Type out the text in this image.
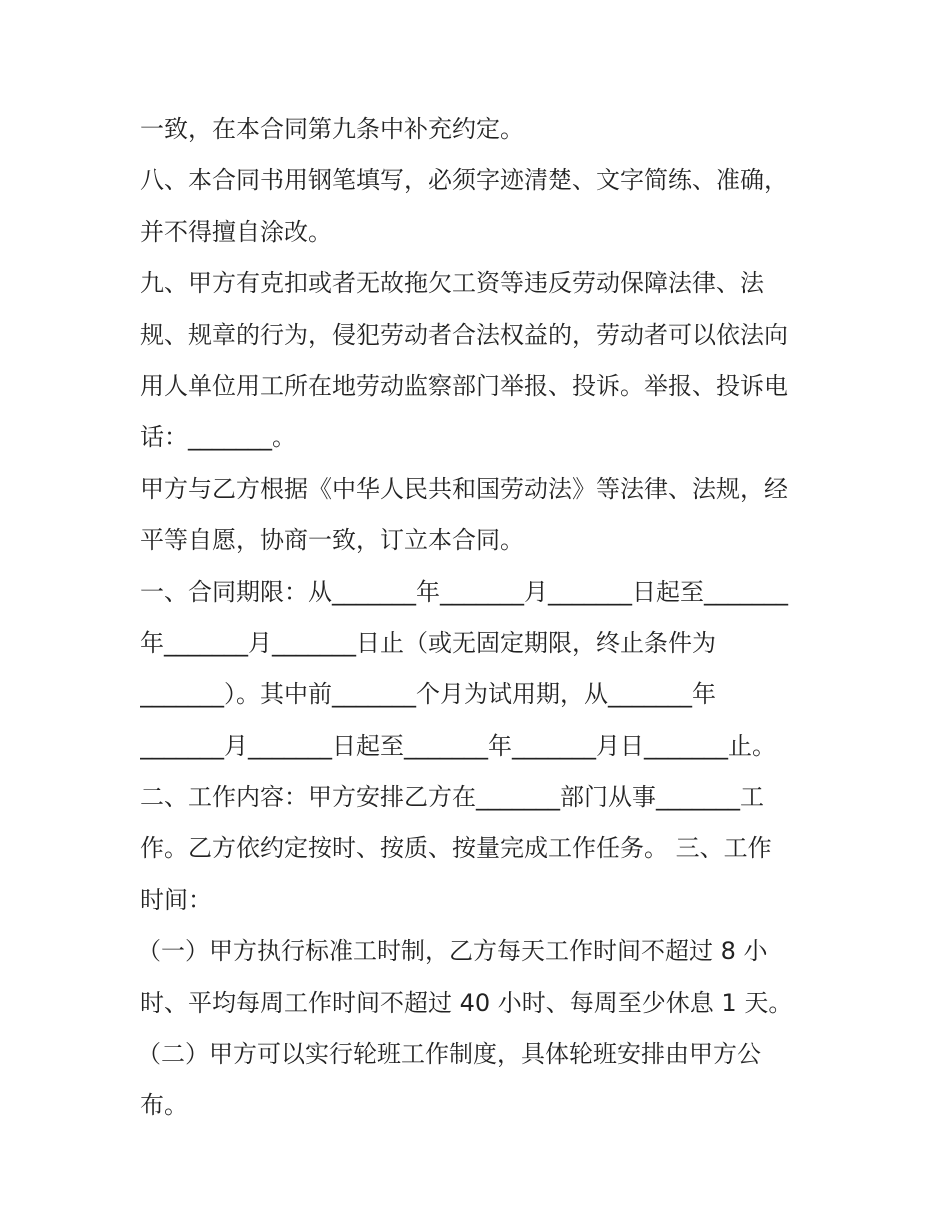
一致，在本合同第九条中补充约定。
八、本合同书用钢笔填写，必须字迹清楚、文字简练、准确，
并不得擅自涂改。
九、甲方有克扣或者无故拖欠工资等违反劳动保障法律、法
规、规章的行为，侵犯劳动者合法权益的，劳动者可以依法向
用人单位用工所在地劳动监察部门举报、投诉。举报、投诉电
话：_______。
甲方与乙方根据《中华人民共和国劳动法》等法律、法规，经
平等自愿，协商一致，订立本合同。
一、合同期限：从_______年_______月_______日起至_______
年_______月_______日止（或无固定期限，终止条件为
_______）。其中前_______个月为试用期，从_______年
_______月_______日起至_______年_______月日_______止。
二、工作内容：甲方安排乙方在_______部门从事_______工
作。乙方依约定按时、按质、按量完成工作任务。 三、工作
时间：
（一）甲方执行标准工时制，乙方每天工作时间不超过 8 小
时、平均每周工作时间不超过 40 小时、每周至少休息 1 天。
（二）甲方可以实行轮班工作制度，具体轮班安排由甲方公
布。
